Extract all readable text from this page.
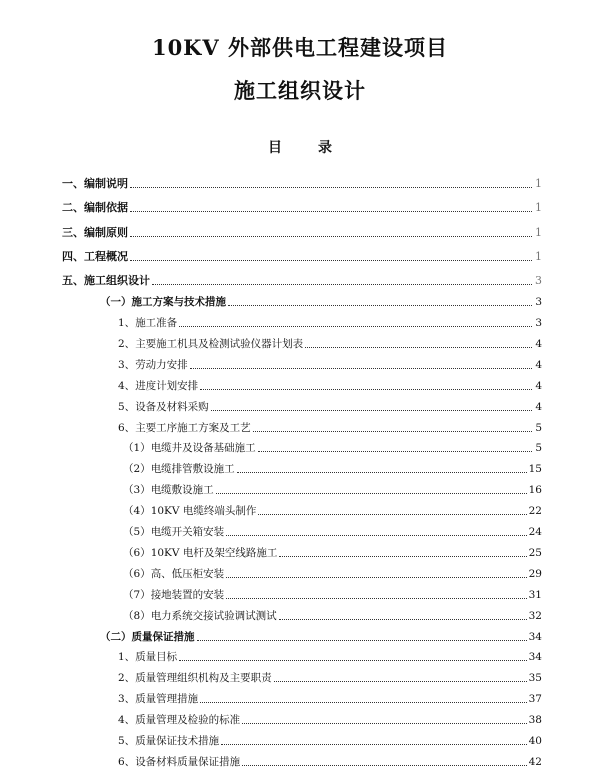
10KV 外部供电工程建设项目
施工组织设计
目	录
一、 编制说明	1
二、 编制依据	1
三、 编制原则	1
四、 工程概况	1
五、 施工组织设计	3
（一） 施工方案与技术措施	3
1、 施工准备	3
2、 主要施工机具及检测试验仪器计划表	4
3、 劳动力安排	4
4、 进度计划安排	4
5、 设备及材料采购	4
6、 主要工序施工方案及工艺	5
（1） 电缆井及设备基础施工	5
（2） 电缆排管敷设施工	15
（3） 电缆敷设施工	16
（4） 10KV 电缆终端头制作	22
（5） 电缆开关箱安装	24
（6） 10KV 电杆及架空线路施工	25
（6） 高、低压柜安装	29
（7） 接地装置的安装	31
（8） 电力系统交接试验调试测试	32
（二） 质量保证措施	34
1、 质量目标	34
2、 质量管理组织机构及主要职责	35
3、 质量管理措施	37
4、 质量管理及检验的标准	38
5、 质量保证技术措施	40
6、 设备材料质量保证措施	42
